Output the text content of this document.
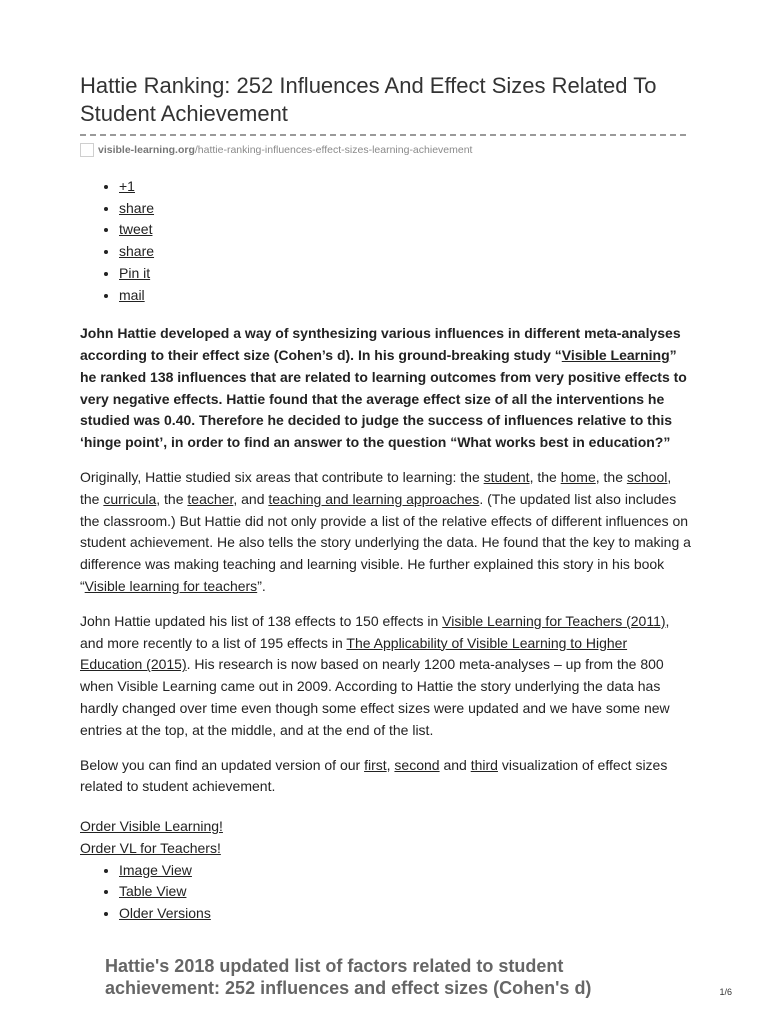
Hattie Ranking: 252 Influences And Effect Sizes Related To Student Achievement
visible-learning.org /hattie-ranking-influences-effect-sizes-learning-achievement
• +1
• share
• tweet
• share
• Pin it
• mail

John Hattie developed a way of synthesizing various influences in different meta-analyses according to their effect size (Cohen’s d). In his ground-breaking study “Visible Learning” he ranked 138 influences that are related to learning outcomes from very positive effects to very negative effects. Hattie found that the average effect size of all the interventions he studied was 0.40. Therefore he decided to judge the success of influences relative to this ‘hinge point’, in order to find an answer to the question “What works best in education?”

Originally, Hattie studied six areas that contribute to learning: the student, the home, the school, the curricula, the teacher, and teaching and learning approaches. (The updated list also includes the classroom.) But Hattie did not only provide a list of the relative effects of different influences on student achievement. He also tells the story underlying the data. He found that the key to making a difference was making teaching and learning visible. He further explained this story in his book “Visible learning for teachers”.

John Hattie updated his list of 138 effects to 150 effects in Visible Learning for Teachers (2011), and more recently to a list of 195 effects in The Applicability of Visible Learning to Higher Education (2015). His research is now based on nearly 1200 meta-analyses – up from the 800 when Visible Learning came out in 2009. According to Hattie the story underlying the data has hardly changed over time even though some effect sizes were updated and we have some new entries at the top, at the middle, and at the end of the list.

Below you can find an updated version of our first, second and third visualization of effect sizes related to student achievement.

Order Visible Learning!
Order VL for Teachers!
• Image View
• Table View
• Older Versions
Hattie's 2018 updated list of factors related to student achievement: 252 influences and effect sizes (Cohen's d)	1/6
